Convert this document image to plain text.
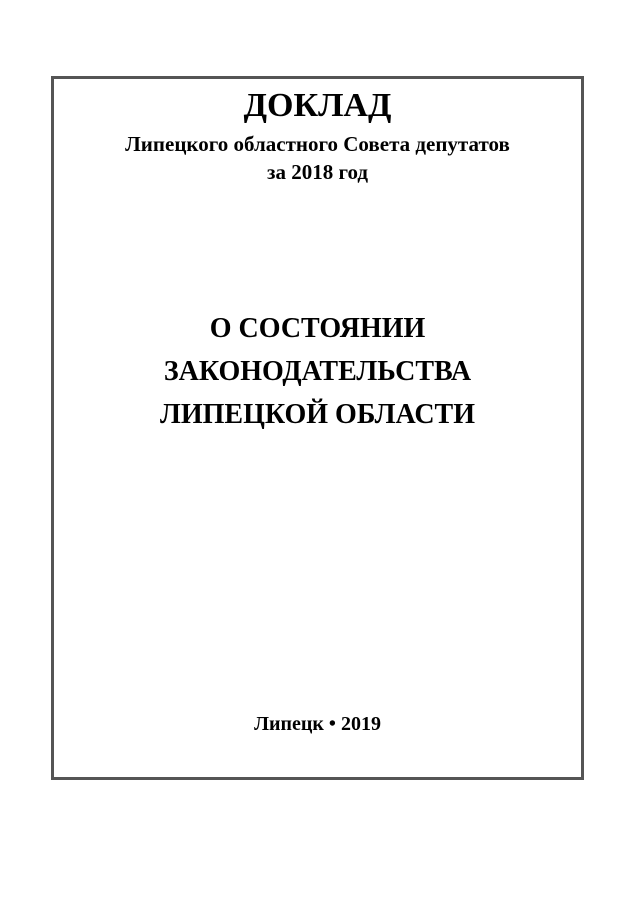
ДОКЛАД
Липецкого областного Совета депутатов
за 2018 год
О СОСТОЯНИИ
ЗАКОНОДАТЕЛЬСТВА
ЛИПЕЦКОЙ ОБЛАСТИ
Липецк • 2019
